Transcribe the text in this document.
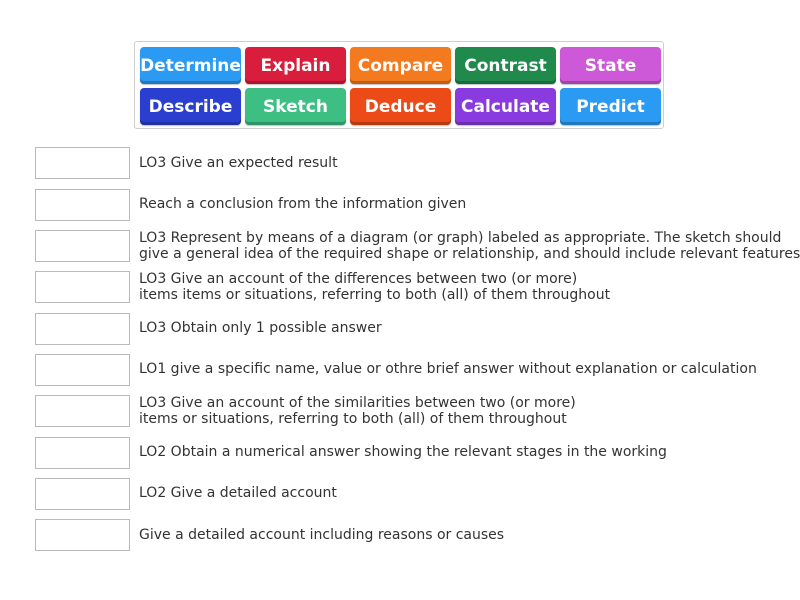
Determine	Explain	Compare	Contrast	State
Describe	Sketch	Deduce	Calculate	Predict
LO3 Give an expected result
Reach a conclusion from the information given
LO3 Represent by means of a diagram (or graph) labeled as appropriate. The sketch should
give a general idea of the required shape or relationship, and should include relevant features
LO3 Give an account of the differences between two (or more)
items items or situations, referring to both (all) of them throughout
LO3 Obtain only 1 possible answer
LO1 give a specific name, value or othre brief answer without explanation or calculation
LO3 Give an account of the similarities between two (or more)
items or situations, referring to both (all) of them throughout
LO2 Obtain a numerical answer showing the relevant stages in the working
LO2 Give a detailed account
Give a detailed account including reasons or causes
